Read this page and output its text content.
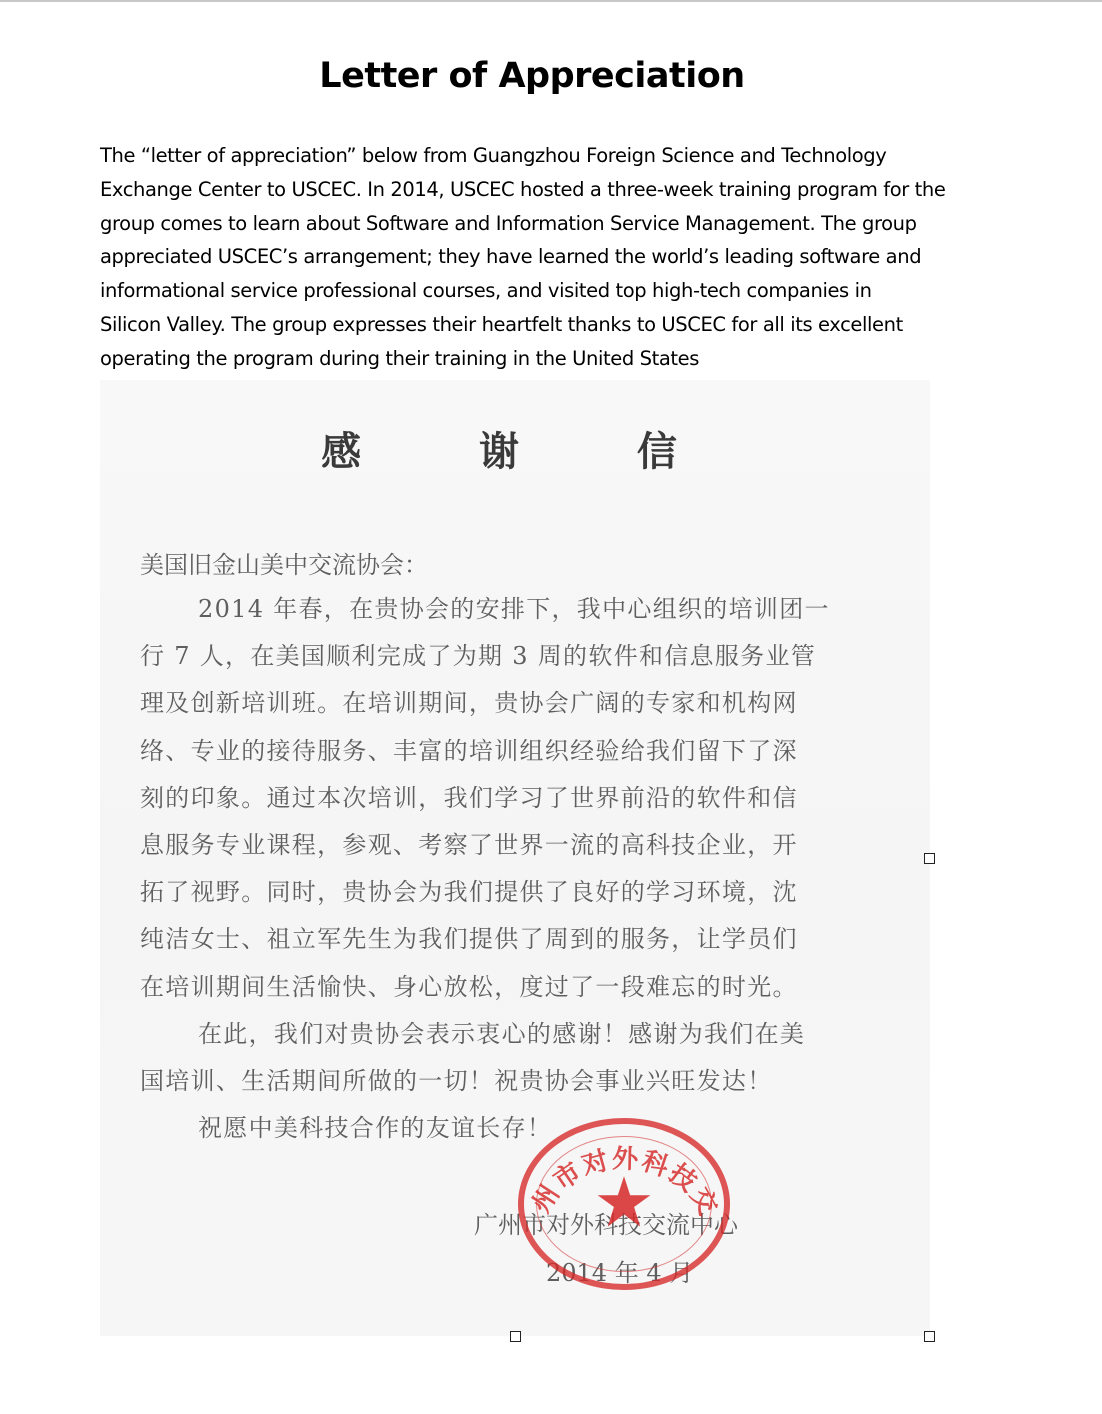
Letter of Appreciation
The “letter of appreciation” below from Guangzhou Foreign Science and Technology
Exchange Center to USCEC. In 2014, USCEC hosted a three-week training program for the
group comes to learn about Software and Information Service Management. The group
appreciated USCEC’s arrangement; they have learned the world’s leading software and
informational service professional courses, and visited top high-tech companies in
Silicon Valley. The group expresses their heartfelt thanks to USCEC for all its excellent
operating the program during their training in the United States
感 谢 信
美国旧金山美中交流协会：
2014 年春，在贵协会的安排下，我中心组织的培训团一
行 7 人，在美国顺利完成了为期 3 周的软件和信息服务业管
理及创新培训班。在培训期间，贵协会广阔的专家和机构网
络、专业的接待服务、丰富的培训组织经验给我们留下了深
刻的印象。通过本次培训，我们学习了世界前沿的软件和信
息服务专业课程，参观、考察了世界一流的高科技企业，开
拓了视野。同时，贵协会为我们提供了良好的学习环境，沈
纯洁女士、祖立军先生为我们提供了周到的服务，让学员们
在培训期间生活愉快、身心放松，度过了一段难忘的时光。
在此，我们对贵协会表示衷心的感谢！感谢为我们在美
国培训、生活期间所做的一切！祝贵协会事业兴旺发达！
祝愿中美科技合作的友谊长存！
广州市对外科技交流中心
2014 年 4 月
州市对外科技交
